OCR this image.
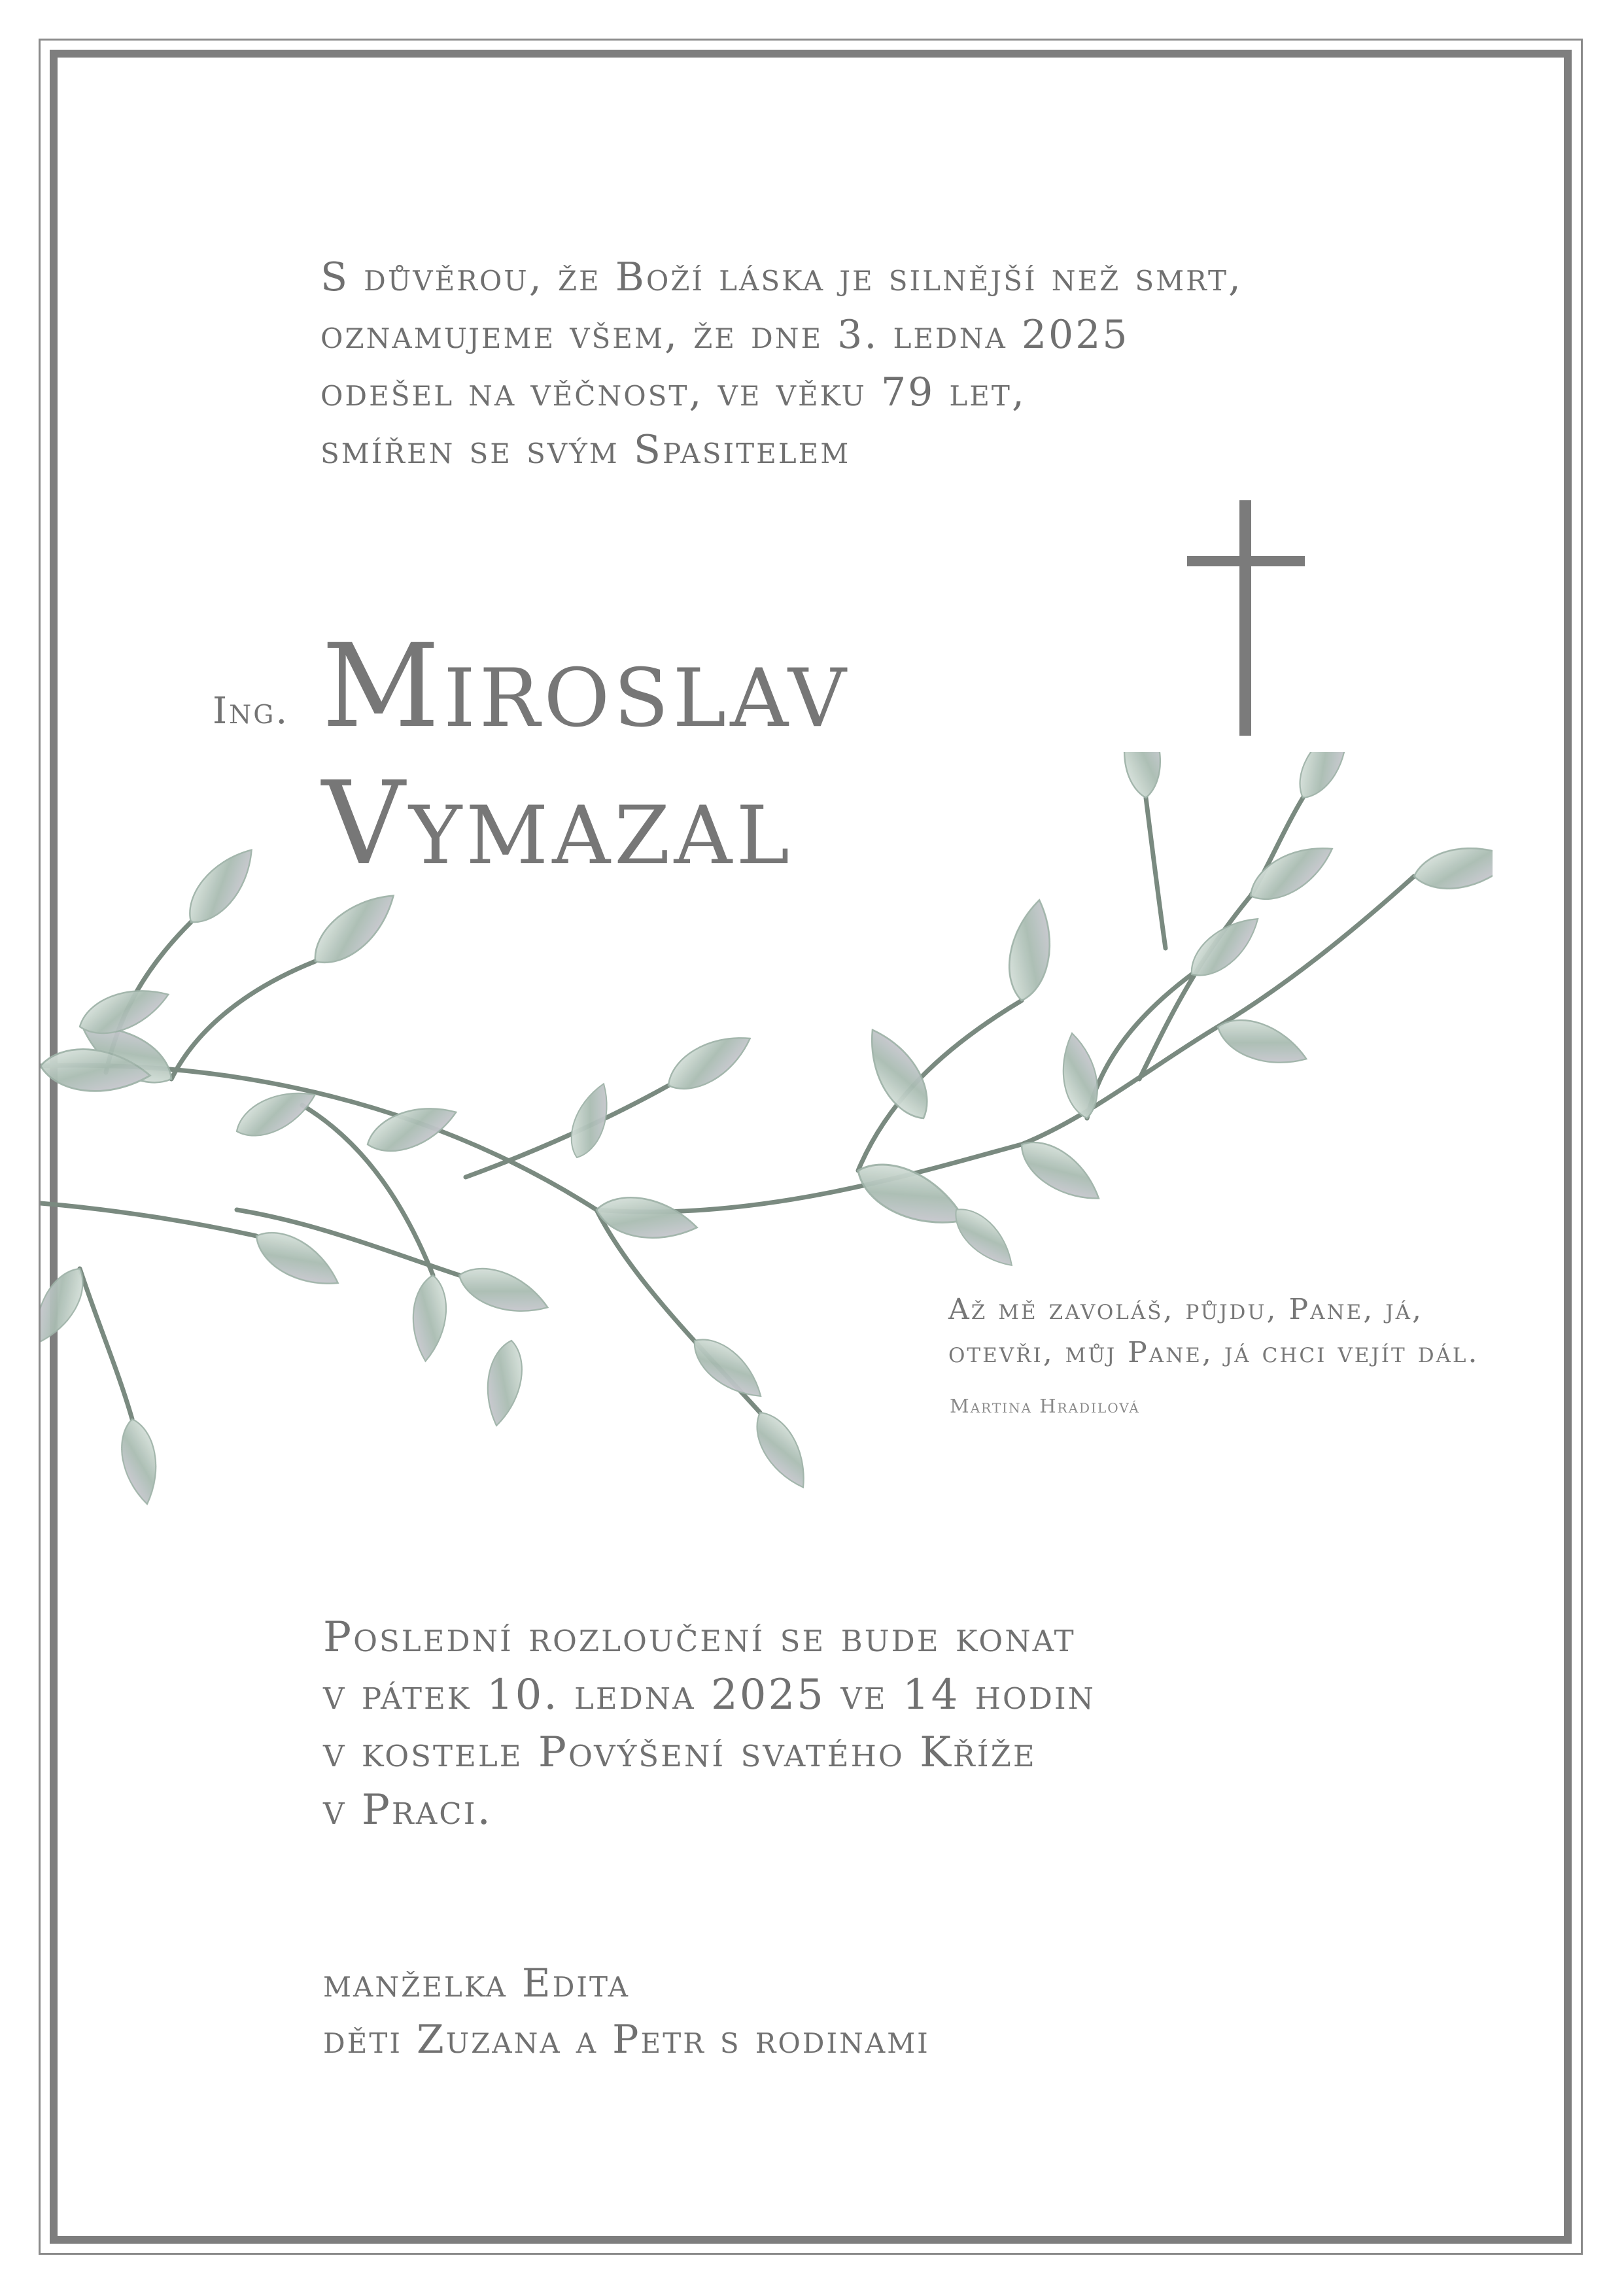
S důvěrou, že Boží láska je silnější než smrt,
oznamujeme všem, že dne 3. ledna 2025
odešel na věčnost, ve věku 79 let,
smířen se svým Spasitelem
Ing. Miroslav
Vymazal
Až mě zavoláš, půjdu, Pane, já,
otevři, můj Pane, já chci vejít dál.
Martina Hradilová
Poslední rozloučení se bude konat
v pátek 10. ledna 2025 ve 14 hodin
v kostele Povýšení svatého Kříže
v Praci.
manželka Edita
děti Zuzana a Petr s rodinami
